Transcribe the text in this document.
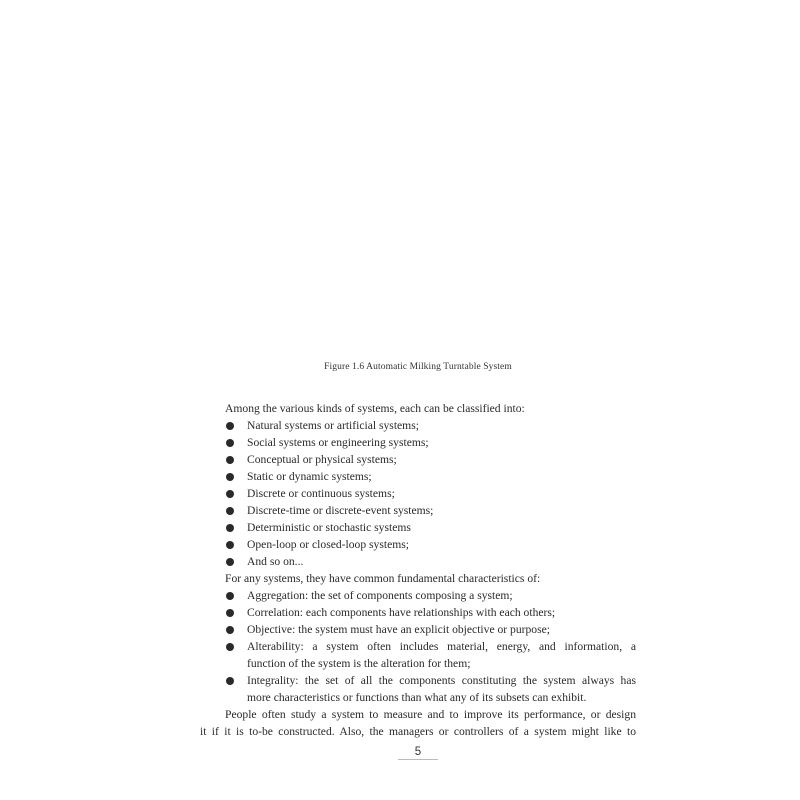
Figure 1.6 Automatic Milking Turntable System
Among the various kinds of systems, each can be classified into:
Natural systems or artificial systems;
Social systems or engineering systems;
Conceptual or physical systems;
Static or dynamic systems;
Discrete or continuous systems;
Discrete-time or discrete-event systems;
Deterministic or stochastic systems
Open-loop or closed-loop systems;
And so on...
For any systems, they have common fundamental characteristics of:
Aggregation: the set of components composing a system;
Correlation: each components have relationships with each others;
Objective: the system must have an explicit objective or purpose;
Alterability: a system often includes material, energy, and information, a
function of the system is the alteration for them;
Integrality: the set of all the components constituting the system always has
more characteristics or functions than what any of its subsets can exhibit.
People often study a system to measure and to improve its performance, or design
it if it is to-be constructed. Also, the managers or controllers of a system might like to
5
